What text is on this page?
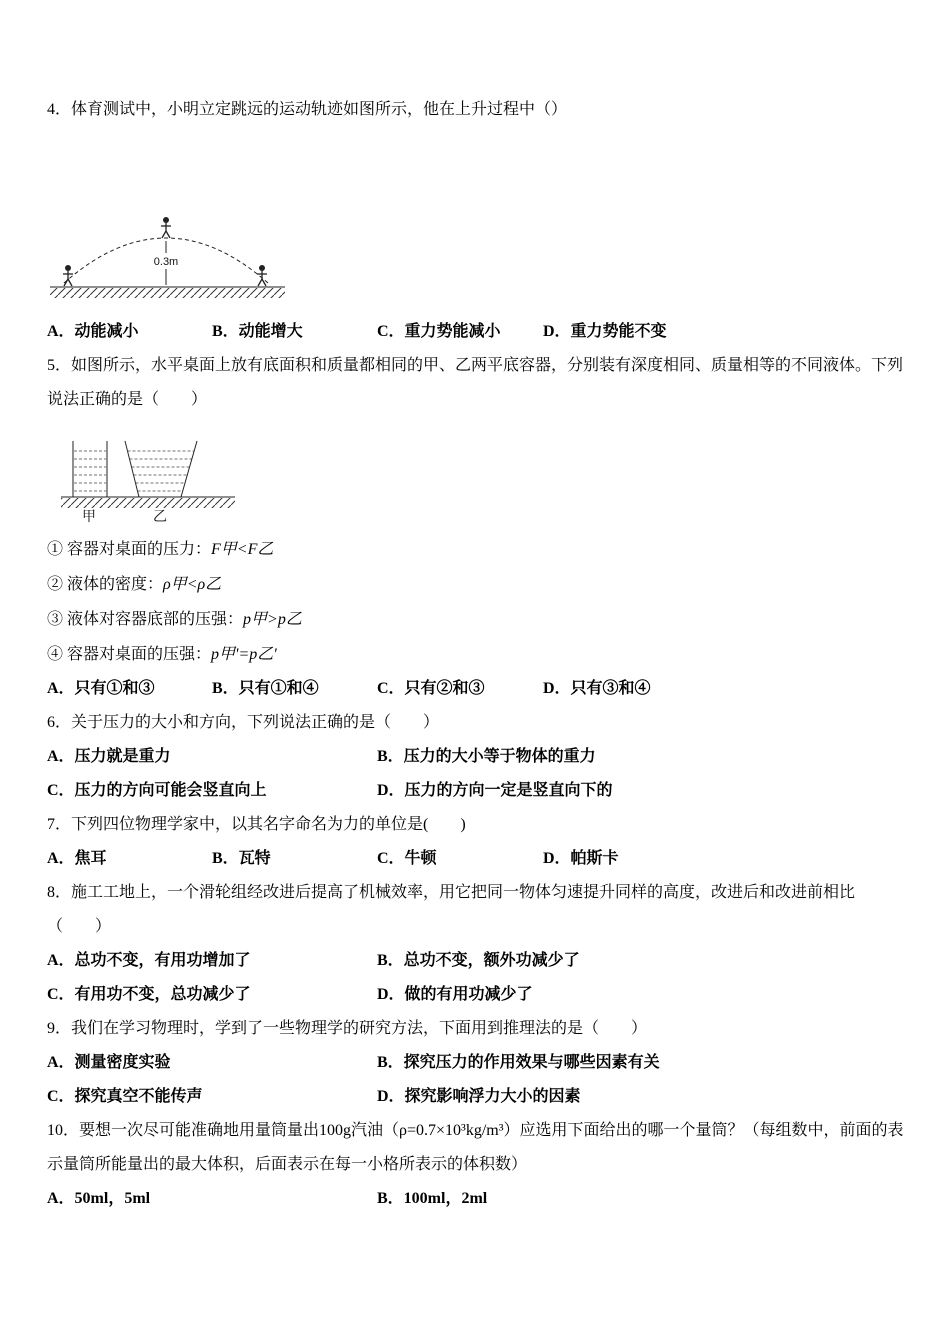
4．体育测试中，小明立定跳远的运动轨迹如图所示，他在上升过程中（）
0.3m
A．动能减小	B．动能增大	C．重力势能减小	D．重力势能不变
5．如图所示，水平桌面上放有底面积和质量都相同的甲、乙两平底容器，分别装有深度相同、质量相等的不同液体。下列说法正确的是（　　）
甲	乙
① 容器对桌面的压力：F甲<F乙
② 液体的密度：ρ甲<ρ乙
③ 液体对容器底部的压强：p甲>p乙
④ 容器对桌面的压强：p甲'=p乙'
A．只有①和③	B．只有①和④	C．只有②和③	D．只有③和④
6．关于压力的大小和方向，下列说法正确的是（　　）
A．压力就是重力	B．压力的大小等于物体的重力
C．压力的方向可能会竖直向上	D．压力的方向一定是竖直向下的
7．下列四位物理学家中，以其名字命名为力的单位是(　　)
A．焦耳	B．瓦特	C．牛顿	D．帕斯卡
8．施工工地上，一个滑轮组经改进后提高了机械效率，用它把同一物体匀速提升同样的高度，改进后和改进前相比（　　）
A．总功不变，有用功增加了	B．总功不变，额外功减少了
C．有用功不变，总功减少了	D．做的有用功减少了
9．我们在学习物理时，学到了一些物理学的研究方法，下面用到推理法的是（　　）
A．测量密度实验	B．探究压力的作用效果与哪些因素有关
C．探究真空不能传声	D．探究影响浮力大小的因素
10．要想一次尽可能准确地用量筒量出100g汽油（ρ=0.7×10³kg/m³）应选用下面给出的哪一个量筒？（每组数中，前面的表示量筒所能量出的最大体积，后面表示在每一小格所表示的体积数）
A．50ml，5ml	B．100ml，2ml
